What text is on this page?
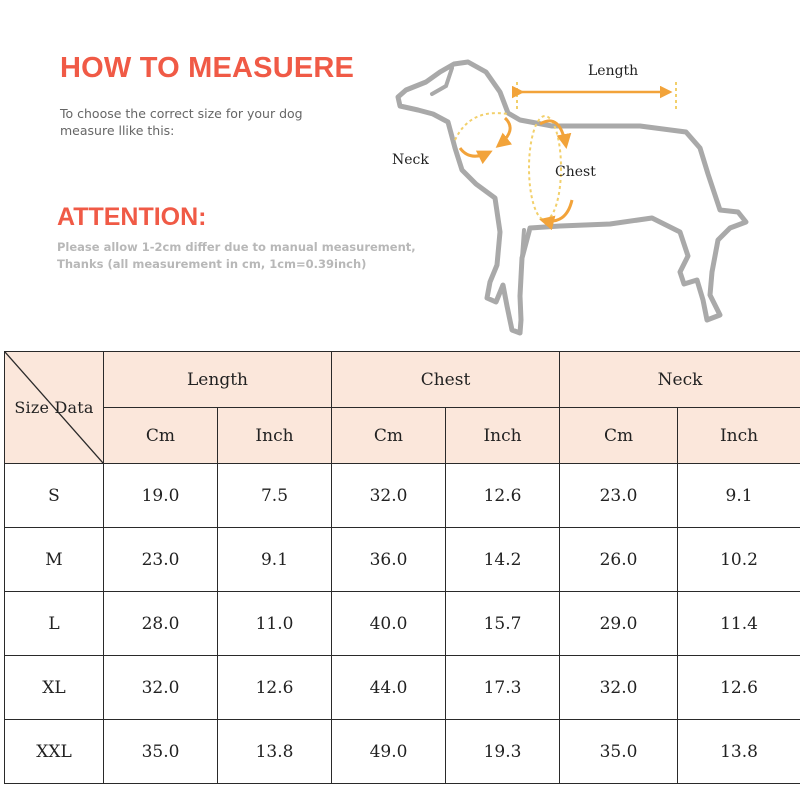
HOW TO MEASUERE
To choose the correct size for your dog
measure llike this:
ATTENTION:
Please allow 1-2cm differ due to manual measurement,
Thanks (all measurement in cm, 1cm=0.39inch)
Length
Neck
Chest
Size Data	Length		Chest		Neck	
	Cm	Inch	Cm	Inch	Cm	Inch
S	19.0	7.5	32.0	12.6	23.0	9.1
M	23.0	9.1	36.0	14.2	26.0	10.2
L	28.0	11.0	40.0	15.7	29.0	11.4
XL	32.0	12.6	44.0	17.3	32.0	12.6
XXL	35.0	13.8	49.0	19.3	35.0	13.8
